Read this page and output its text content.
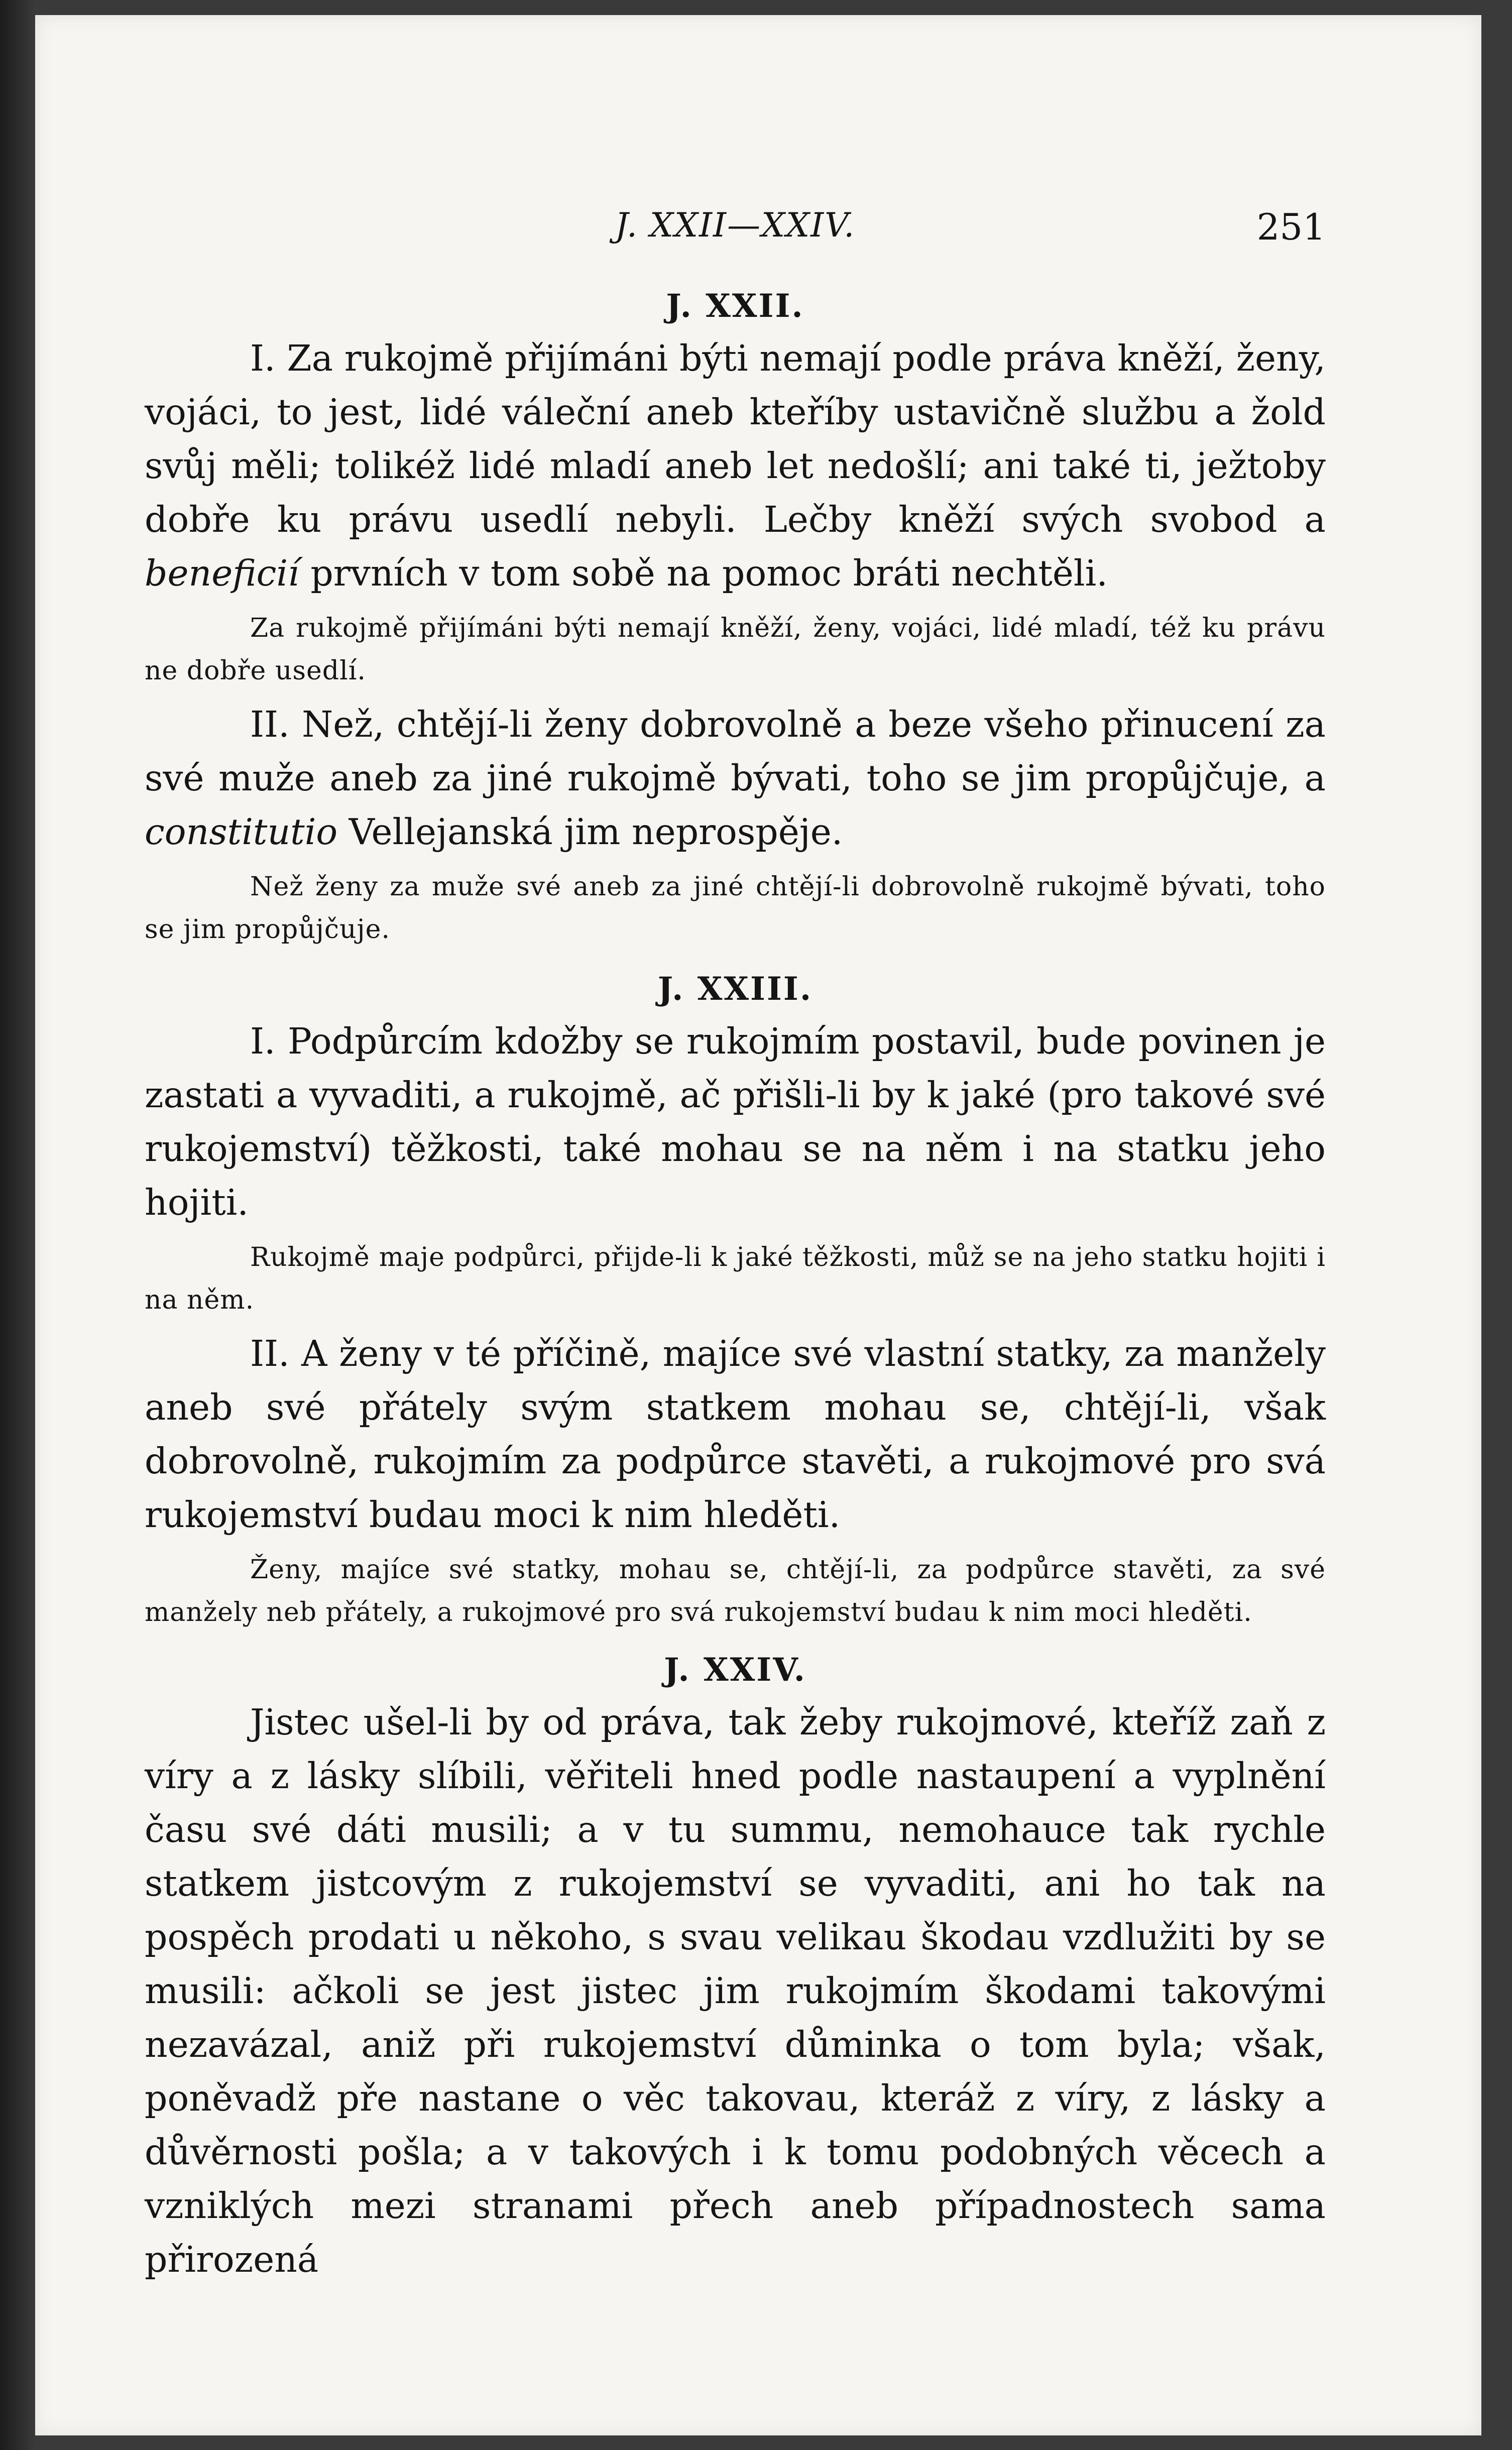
J. XXII—XXIV.	251
J. XXII.

I. Za rukojmě přijímáni býti nemají podle práva kněží, ženy, vojáci, to jest, lidé váleční aneb kteříby ustavičně službu a žold svůj měli; tolikéž lidé mladí aneb let nedošlí; ani také ti, ježtoby dobře ku právu usedlí nebyli. Lečby kněží svých svobod a beneficií prvních v tom sobě na pomoc bráti nechtěli.

Za rukojmě přijímáni býti nemají kněží, ženy, vojáci, lidé mladí, též ku právu ne dobře usedlí.

II. Než, chtějí-li ženy dobrovolně a beze všeho přinucení za své muže aneb za jiné rukojmě bývati, toho se jim propůjčuje, a constitutio Vellejanská jim neprospěje.

Než ženy za muže své aneb za jiné chtějí-li dobrovolně rukojmě bývati, toho se jim propůjčuje.

J. XXIII.

I. Podpůrcím kdožby se rukojmím postavil, bude povinen je zastati a vyvaditi, a rukojmě, ač přišli-li by k jaké (pro takové své rukojemství) těžkosti, také mohau se na něm i na statku jeho hojiti.

Rukojmě maje podpůrci, přijde-li k jaké těžkosti, můž se na jeho statku hojiti i na něm.

II. A ženy v té příčině, majíce své vlastní statky, za manžely aneb své přátely svým statkem mohau se, chtějí-li, však dobrovolně, rukojmím za podpůrce stavěti, a rukojmové pro svá rukojemství budau moci k nim hleděti.

Ženy, majíce své statky, mohau se, chtějí-li, za podpůrce stavěti, za své manžely neb přátely, a rukojmové pro svá rukojemství budau k nim moci hleděti.

J. XXIV.

Jistec ušel-li by od práva, tak žeby rukojmové, kteříž zaň z víry a z lásky slíbili, věřiteli hned podle nastaupení a vyplnění času své dáti musili; a v tu summu, nemohauce tak rychle statkem jistcovým z rukojemství se vyvaditi, ani ho tak na pospěch prodati u někoho, s svau velikau škodau vzdlužiti by se musili: ačkoli se jest jistec jim rukojmím škodami takovými nezavázal, aniž při rukojemství důminka o tom byla; však, poněvadž pře nastane o věc takovau, kteráž z víry, z lásky a důvěrnosti pošla; a v takových i k tomu podobných věcech a vzniklých mezi stranami přech aneb případnostech sama přirozená
